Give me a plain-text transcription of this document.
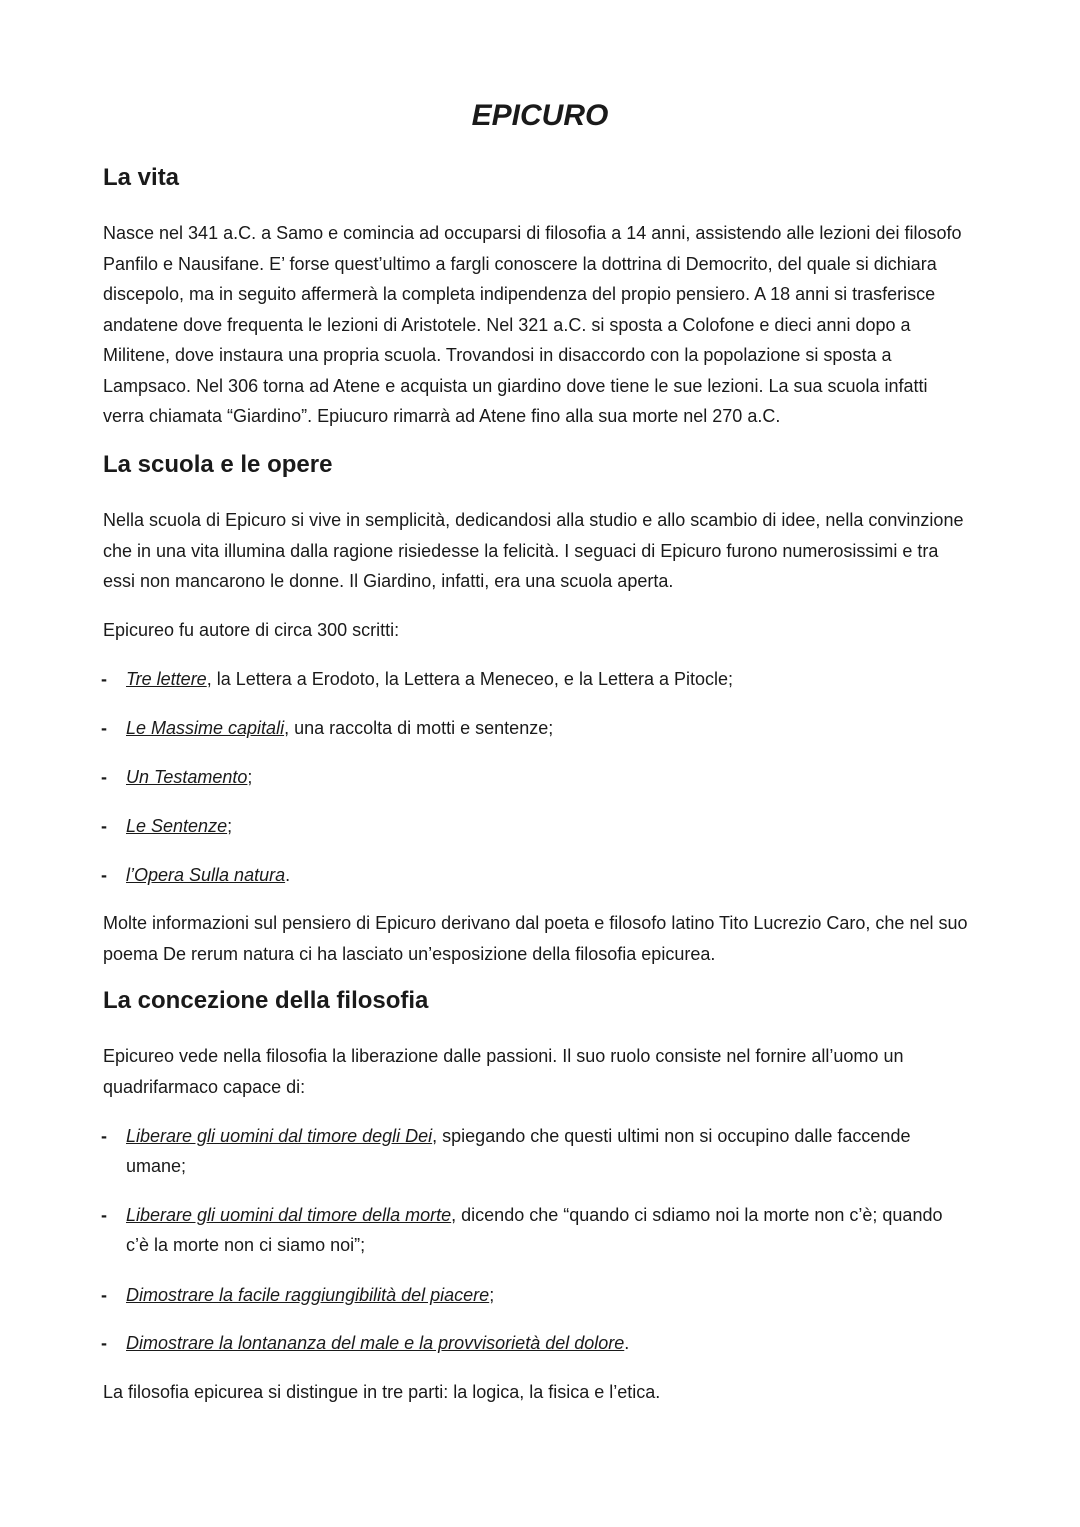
EPICURO
La vita

Nasce nel 341 a.C. a Samo e comincia ad occuparsi di filosofia a 14 anni, assistendo alle lezioni dei filosofo Panfilo e Nausifane. E’ forse quest’ultimo a fargli conoscere la dottrina di Democrito, del quale si dichiara discepolo, ma in seguito affermerà la completa indipendenza del propio pensiero. A 18 anni si trasferisce andatene dove frequenta le lezioni di Aristotele. Nel 321 a.C. si sposta a Colofone e dieci anni dopo a Militene, dove instaura una propria scuola. Trovandosi in disaccordo con la popolazione si sposta a Lampsaco. Nel 306 torna ad Atene e acquista un giardino dove tiene le sue lezioni. La sua scuola infatti verra chiamata “Giardino”. Epiucuro rimarrà ad Atene fino alla sua morte nel 270 a.C.

La scuola e le opere

Nella scuola di Epicuro si vive in semplicità, dedicandosi alla studio e allo scambio di idee, nella convinzione che in una vita illumina dalla ragione risiedesse la felicità. I seguaci di Epicuro furono numerosissimi e tra essi non mancarono le donne. Il Giardino, infatti, era una scuola aperta.

Epicureo fu autore di circa 300 scritti:

- Tre lettere, la Lettera a Erodoto, la Lettera a Meneceo, e la Lettera a Pitocle;
- Le Massime capitali, una raccolta di motti e sentenze;
- Un Testamento;
- Le Sentenze;
- l’Opera Sulla natura.

Molte informazioni sul pensiero di Epicuro derivano dal poeta e filosofo latino Tito Lucrezio Caro, che nel suo poema De rerum natura ci ha lasciato un’esposizione della filosofia epicurea.

La concezione della filosofia

Epicureo vede nella filosofia la liberazione dalle passioni. Il suo ruolo consiste nel fornire all’uomo un quadrifarmaco capace di:

- Liberare gli uomini dal timore degli Dei, spiegando che questi ultimi non si occupino dalle faccende umane;
- Liberare gli uomini dal timore della morte, dicendo che “quando ci sdiamo noi la morte non c’è; quando c’è la morte non ci siamo noi”;
- Dimostrare la facile raggiungibilità del piacere;
- Dimostrare la lontananza del male e la provvisorietà del dolore.

La filosofia epicurea si distingue in tre parti: la logica, la fisica e l’etica.
